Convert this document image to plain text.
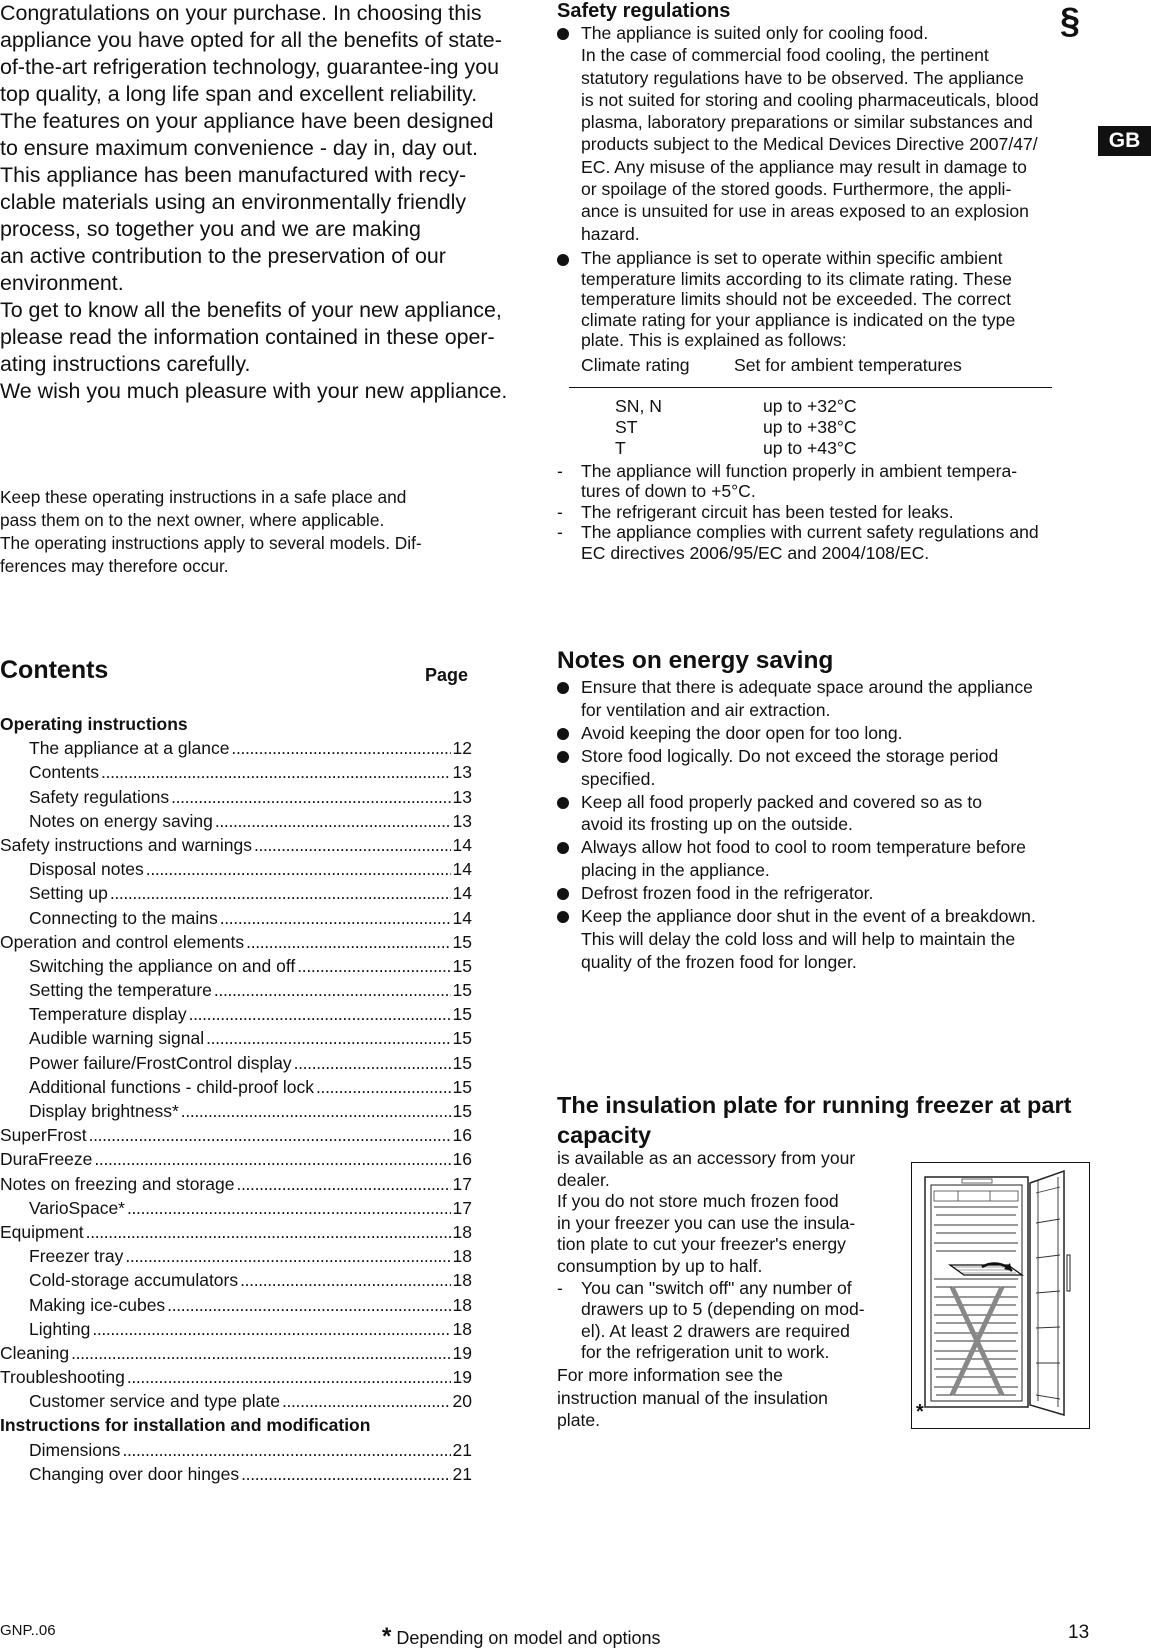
Congratulations on your purchase. In choosing this
appliance you have opted for all the benefits of state-
of-the-art refrigeration technology, guarantee-ing you
top quality, a long life span and excellent reliability.
The features on your appliance have been designed
to ensure maximum convenience - day in, day out.
This appliance has been manufactured with recy-
clable materials using an environmentally friendly
process, so together you and we are making
an active contribution to the preservation of our
environment.
To get to know all the benefits of your new appliance,
please read the information contained in these oper-
ating instructions carefully.
We wish you much pleasure with your new appliance.
Keep these operating instructions in a safe place and
pass them on to the next owner, where applicable.
The operating instructions apply to several models. Dif-
ferences may therefore occur.
Contents	Page
Operating instructions
The appliance at a glance . . .	12
Contents . . .	13
Safety regulations . . .	13
Notes on energy saving . . .	13
Safety instructions and warnings . . .	14
Disposal notes . . .	14
Setting up . . .	14
Connecting to the mains . . .	14
Operation and control elements . . .	15
Switching the appliance on and off . . .	15
Setting the temperature . . .	15
Temperature display . . .	15
Audible warning signal . . .	15
Power failure/FrostControl display . . .	15
Additional functions - child-proof lock . . .	15
Display brightness* . . .	15
SuperFrost . . .	16
DuraFreeze . . .	16
Notes on freezing and storage . . .	17
VarioSpace* . . .	17
Equipment . . .	18
Freezer tray . . .	18
Cold-storage accumulators . . .	18
Making ice-cubes . . .	18
Lighting . . .	18
Cleaning . . .	19
Troubleshooting . . .	19
Customer service and type plate . . .	20
Instructions for installation and modification
Dimensions . . .	21
Changing over door hinges . . .	21
§
GB
Safety regulations
The appliance is suited only for cooling food.
In the case of commercial food cooling, the pertinent
statutory regulations have to be observed. The appliance
is not suited for storing and cooling pharmaceuticals, blood
plasma, laboratory preparations or similar substances and
products subject to the Medical Devices Directive 2007/47/
EC. Any misuse of the appliance may result in damage to
or spoilage of the stored goods. Furthermore, the appli-
ance is unsuited for use in areas exposed to an explosion
hazard.
The appliance is set to operate within specific ambient
temperature limits according to its climate rating. These
temperature limits should not be exceeded. The correct
climate rating for your appliance is indicated on the type
plate. This is explained as follows:
Climate rating	Set for ambient temperatures
SN, N	up to +32°C
ST	up to +38°C
T	up to +43°C
- The appliance will function properly in ambient tempera-
tures of down to +5°C.
- The refrigerant circuit has been tested for leaks.
- The appliance complies with current safety regulations and
EC directives 2006/95/EC and 2004/108/EC.
Notes on energy saving
Ensure that there is adequate space around the appliance
for ventilation and air extraction.
Avoid keeping the door open for too long.
Store food logically. Do not exceed the storage period
specified.
Keep all food properly packed and covered so as to
avoid its frosting up on the outside.
Always allow hot food to cool to room temperature before
placing in the appliance.
Defrost frozen food in the refrigerator.
Keep the appliance door shut in the event of a breakdown.
This will delay the cold loss and will help to maintain the
quality of the frozen food for longer.
The insulation plate for running freezer at part
capacity
is available as an accessory from your
dealer.
If you do not store much frozen food
in your freezer you can use the insula-
tion plate to cut your freezer's energy
consumption by up to half.
- You can "switch off" any number of
drawers up to 5 (depending on mod-
el). At least 2 drawers are required
for the refrigeration unit to work.
For more information see the
instruction manual of the insulation
plate.	*
GNP..06	* Depending on model and options	13
